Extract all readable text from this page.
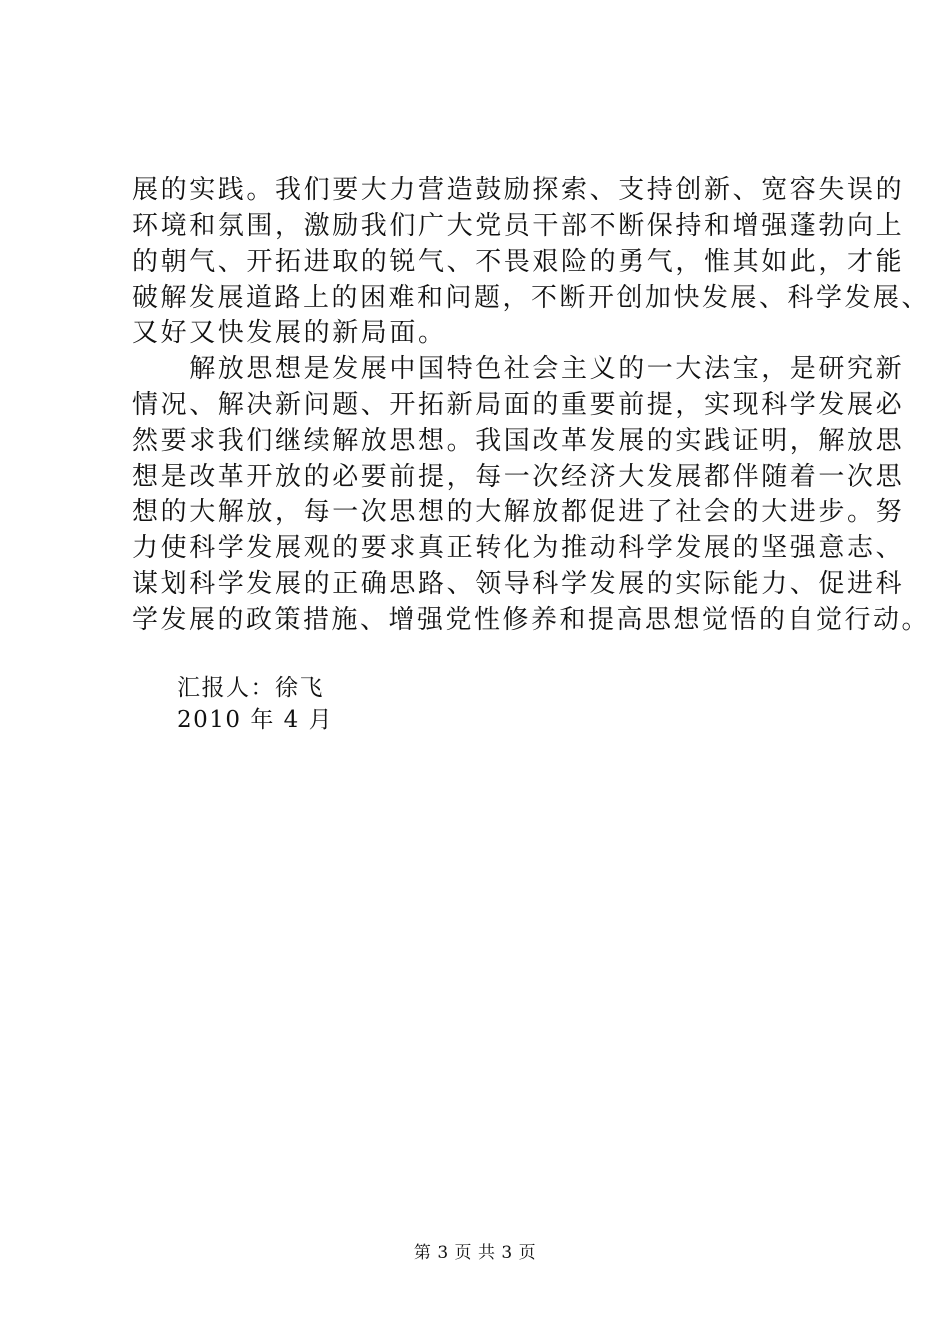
展的实践。我们要大力营造鼓励探索、支持创新、宽容失误的
环境和氛围，激励我们广大党员干部不断保持和增强蓬勃向上
的朝气、开拓进取的锐气、不畏艰险的勇气，惟其如此，才能
破解发展道路上的困难和问题，不断开创加快发展、科学发展、
又好又快发展的新局面。
　　解放思想是发展中国特色社会主义的一大法宝，是研究新
情况、解决新问题、开拓新局面的重要前提，实现科学发展必
然要求我们继续解放思想。我国改革发展的实践证明，解放思
想是改革开放的必要前提，每一次经济大发展都伴随着一次思
想的大解放，每一次思想的大解放都促进了社会的大进步。努
力使科学发展观的要求真正转化为推动科学发展的坚强意志、
谋划科学发展的正确思路、领导科学发展的实际能力、促进科
学发展的政策措施、增强党性修养和提高思想觉悟的自觉行动。
汇报人：徐飞
2010 年 4 月
第 3 页 共 3 页
